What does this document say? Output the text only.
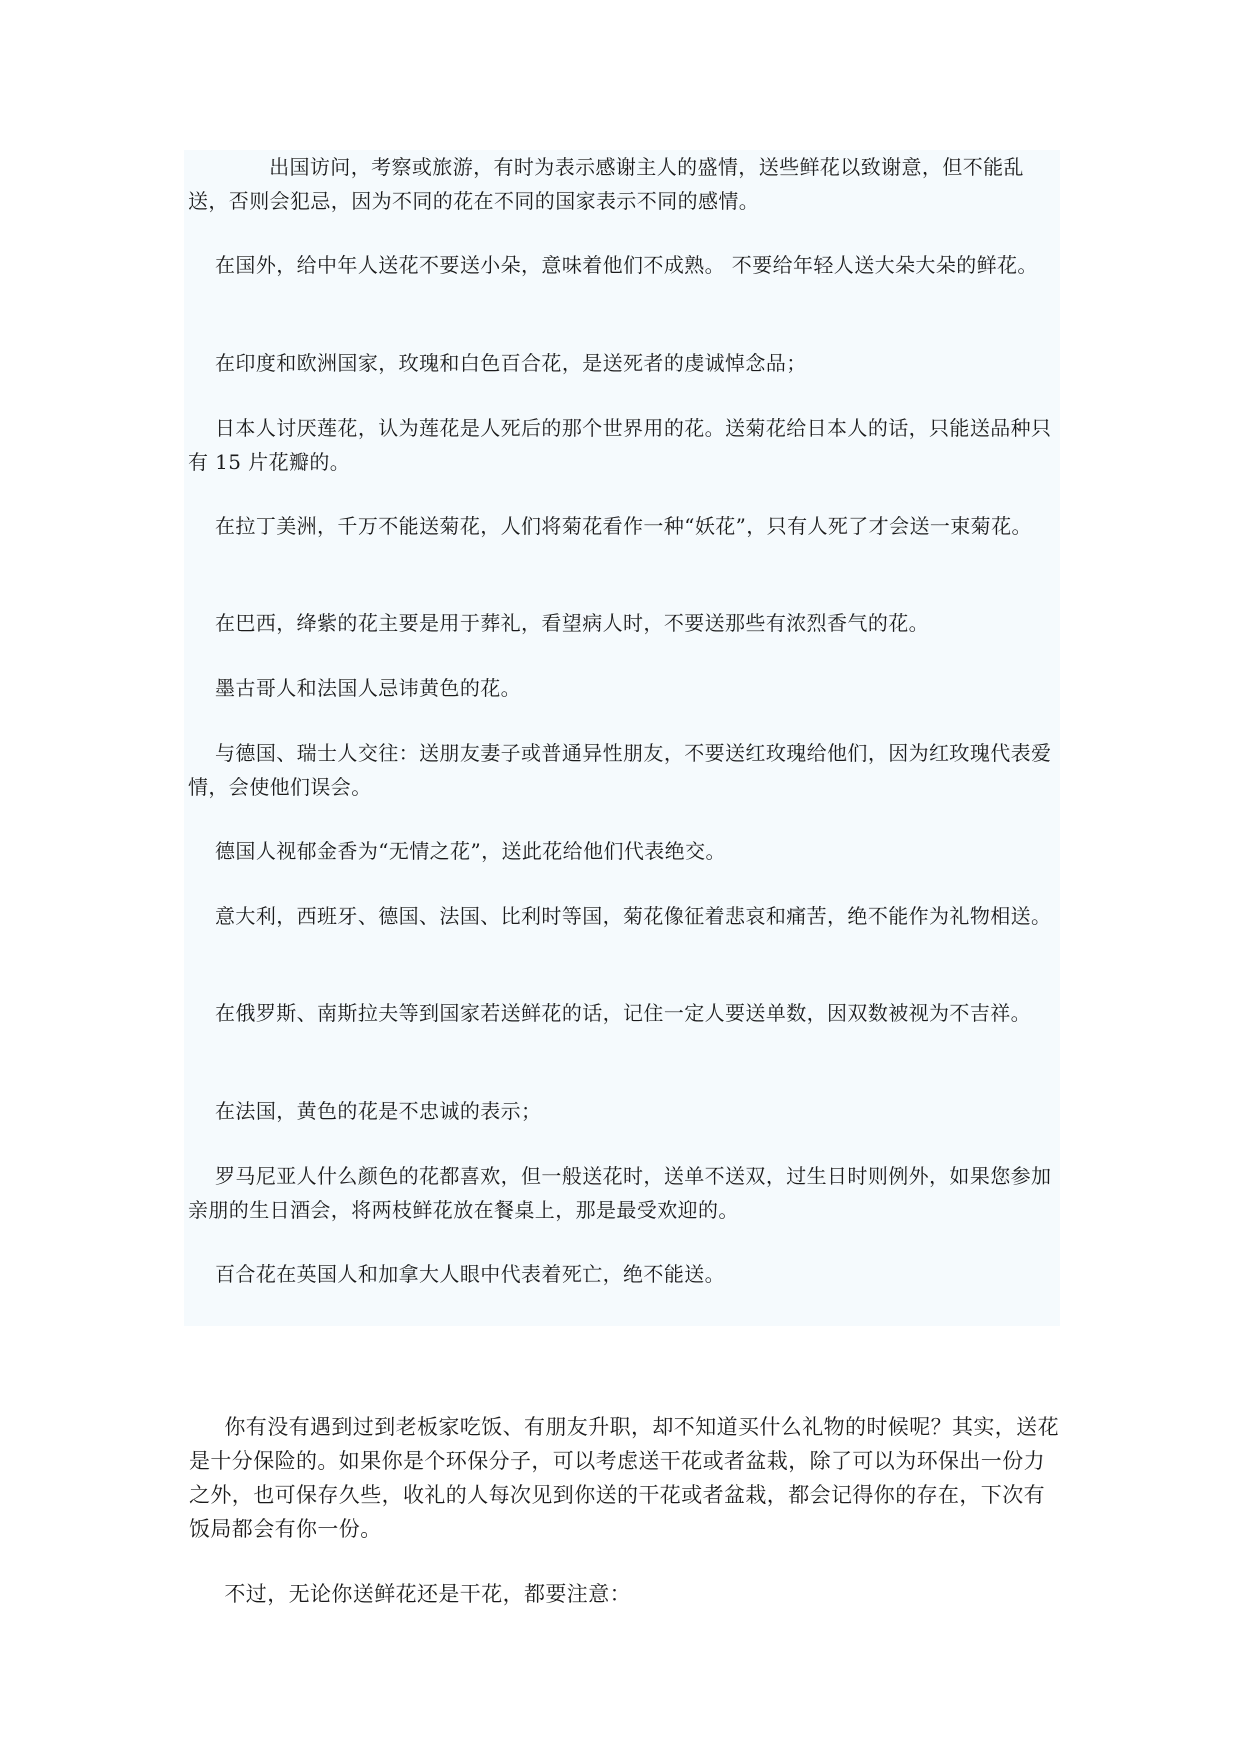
出国访问，考察或旅游，有时为表示感谢主人的盛情，送些鲜花以致谢意，但不能乱送，否则会犯忌，因为不同的花在不同的国家表示不同的感情。

在国外，给中年人送花不要送小朵，意味着他们不成熟。 不要给年轻人送大朵大朵的鲜花。

在印度和欧洲国家，玫瑰和白色百合花，是送死者的虔诚悼念品；

日本人讨厌莲花，认为莲花是人死后的那个世界用的花。送菊花给日本人的话，只能送品种只有 15 片花瓣的。

在拉丁美洲，千万不能送菊花，人们将菊花看作一种“妖花”，只有人死了才会送一束菊花。

在巴西，绛紫的花主要是用于葬礼，看望病人时，不要送那些有浓烈香气的花。

墨古哥人和法国人忌讳黄色的花。

与德国、瑞士人交往：送朋友妻子或普通异性朋友，不要送红玫瑰给他们，因为红玫瑰代表爱情，会使他们误会。

德国人视郁金香为“无情之花”，送此花给他们代表绝交。

意大利，西班牙、德国、法国、比利时等国，菊花像征着悲哀和痛苦，绝不能作为礼物相送。

在俄罗斯、南斯拉夫等到国家若送鲜花的话，记住一定人要送单数，因双数被视为不吉祥。

在法国，黄色的花是不忠诚的表示；

罗马尼亚人什么颜色的花都喜欢，但一般送花时，送单不送双，过生日时则例外，如果您参加亲朋的生日酒会，将两枝鲜花放在餐桌上，那是最受欢迎的。

百合花在英国人和加拿大人眼中代表着死亡，绝不能送。

你有没有遇到过到老板家吃饭、有朋友升职，却不知道买什么礼物的时候呢？其实，送花是十分保险的。如果你是个环保分子，可以考虑送干花或者盆栽，除了可以为环保出一份力之外，也可保存久些，收礼的人每次见到你送的干花或者盆栽，都会记得你的存在，下次有饭局都会有你一份。

不过，无论你送鲜花还是干花，都要注意：
